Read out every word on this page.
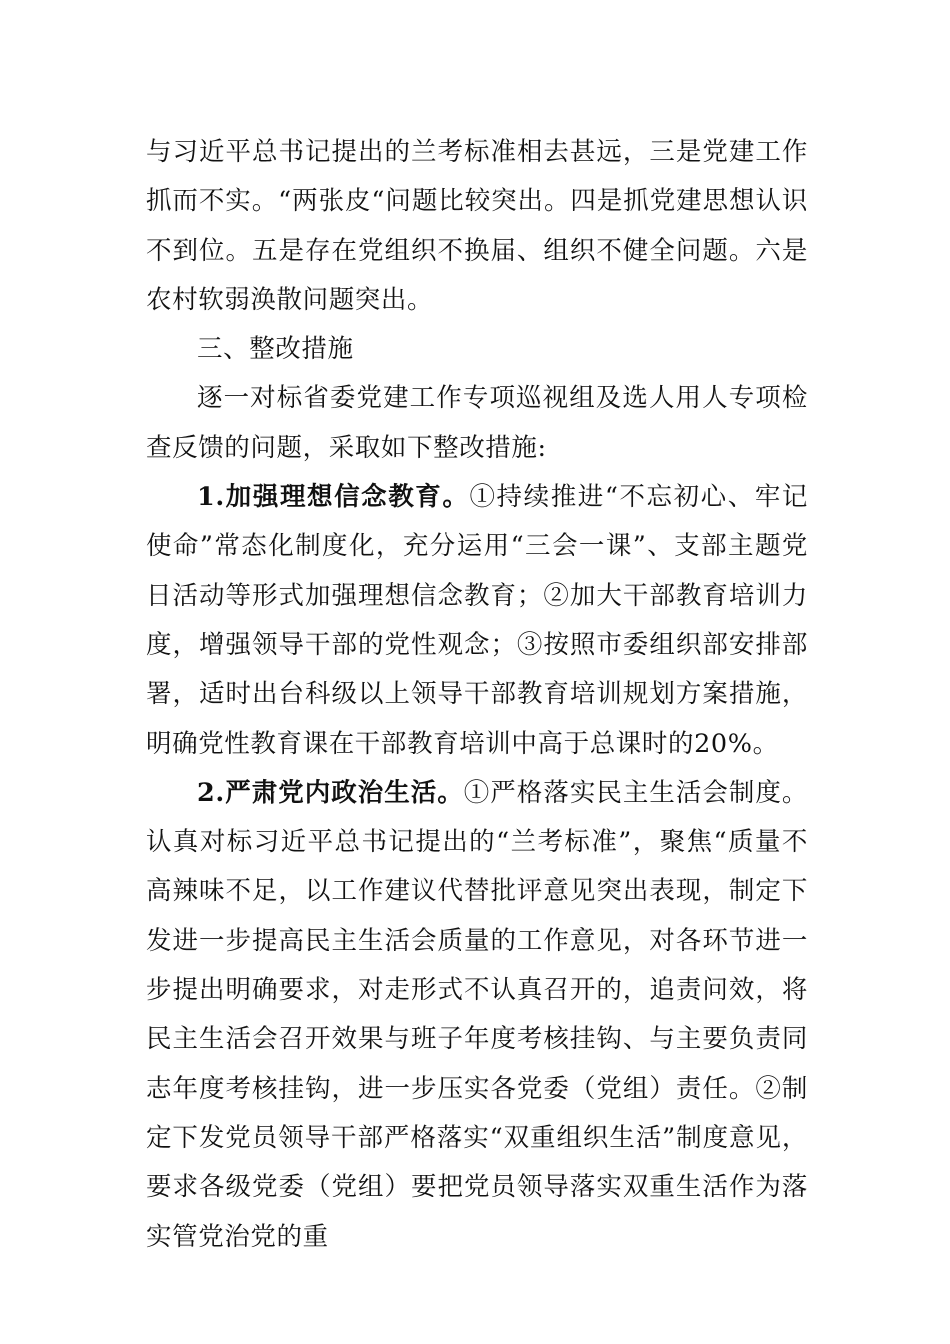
与习近平总书记提出的兰考标准相去甚远，三是党建工作抓而不实。“两张皮“问题比较突出。四是抓党建思想认识不到位。五是存在党组织不换届、组织不健全问题。六是农村软弱涣散问题突出。

三、整改措施

逐一对标省委党建工作专项巡视组及选人用人专项检查反馈的问题，采取如下整改措施:

1.加强理想信念教育。①持续推进“不忘初心、牢记使命”常态化制度化，充分运用“三会一课”、支部主题党日活动等形式加强理想信念教育；②加大干部教育培训力度，增强领导干部的党性观念；③按照市委组织部安排部署，适时出台科级以上领导干部教育培训规划方案措施，明确党性教育课在干部教育培训中高于总课时的20%。

2.严肃党内政治生活。①严格落实民主生活会制度。认真对标习近平总书记提出的“兰考标准”，聚焦“质量不高辣味不足，以工作建议代替批评意见突出表现，制定下发进一步提高民主生活会质量的工作意见，对各环节进一步提出明确要求，对走形式不认真召开的，追责问效，将民主生活会召开效果与班子年度考核挂钩、与主要负责同志年度考核挂钩，进一步压实各党委（党组）责任。②制定下发党员领导干部严格落实“双重组织生活”制度意见，要求各级党委（党组）要把党员领导落实双重生活作为落实管党治党的重
